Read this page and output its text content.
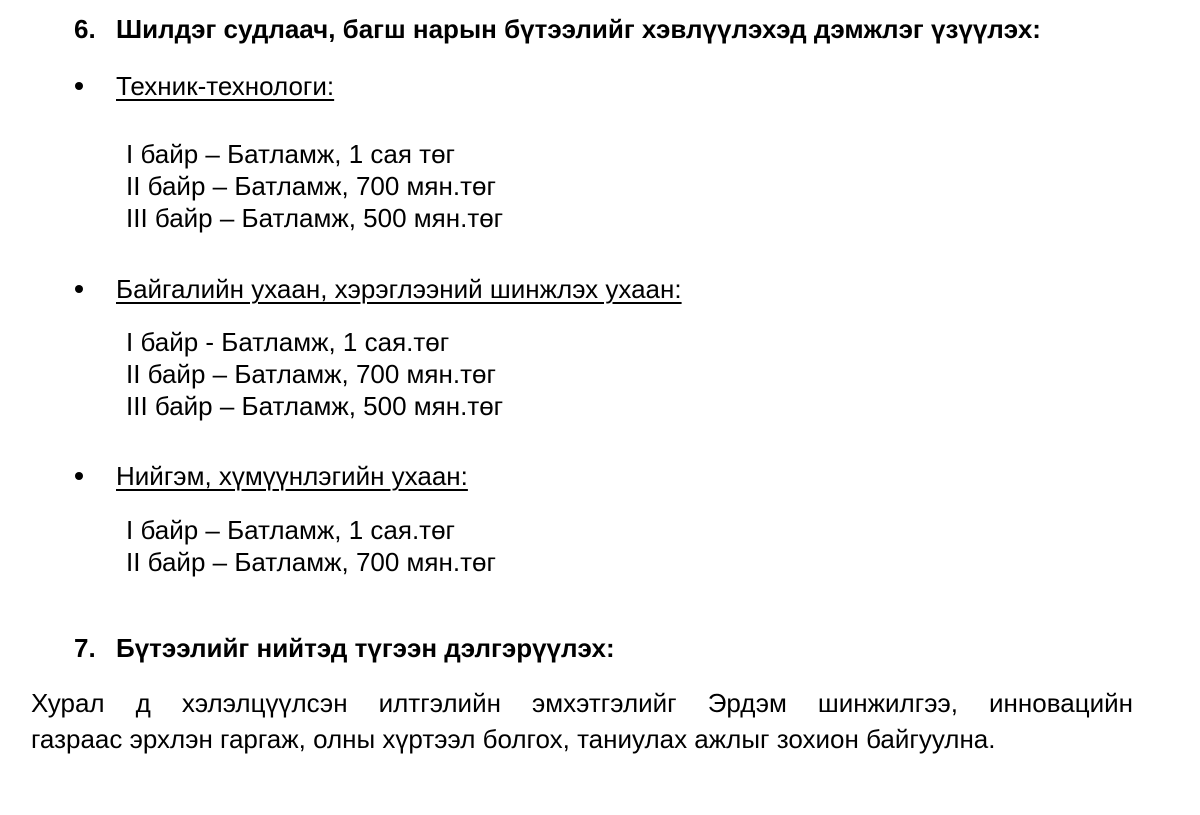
6. Шилдэг судлаач, багш нарын бүтээлийг хэвлүүлэхэд дэмжлэг үзүүлэх:
Техник-технологи:
I байр – Батламж, 1 сая төг
II байр – Батламж, 700 мян.төг
III байр – Батламж, 500 мян.төг
Байгалийн ухаан, хэрэглээний шинжлэх ухаан:
I байр - Батламж, 1 сая.төг
II байр – Батламж, 700 мян.төг
III байр – Батламж, 500 мян.төг
Нийгэм, хүмүүнлэгийн ухаан:
I байр – Батламж, 1 сая.төг
II байр – Батламж, 700 мян.төг
7. Бүтээлийг нийтэд түгээн дэлгэрүүлэх:
Хурал д хэлэлцүүлсэн илтгэлийн эмхэтгэлийг Эрдэм шинжилгээ, инновацийн
газраас эрхлэн гаргаж, олны хүртээл болгох, таниулах ажлыг зохион байгуулна.
